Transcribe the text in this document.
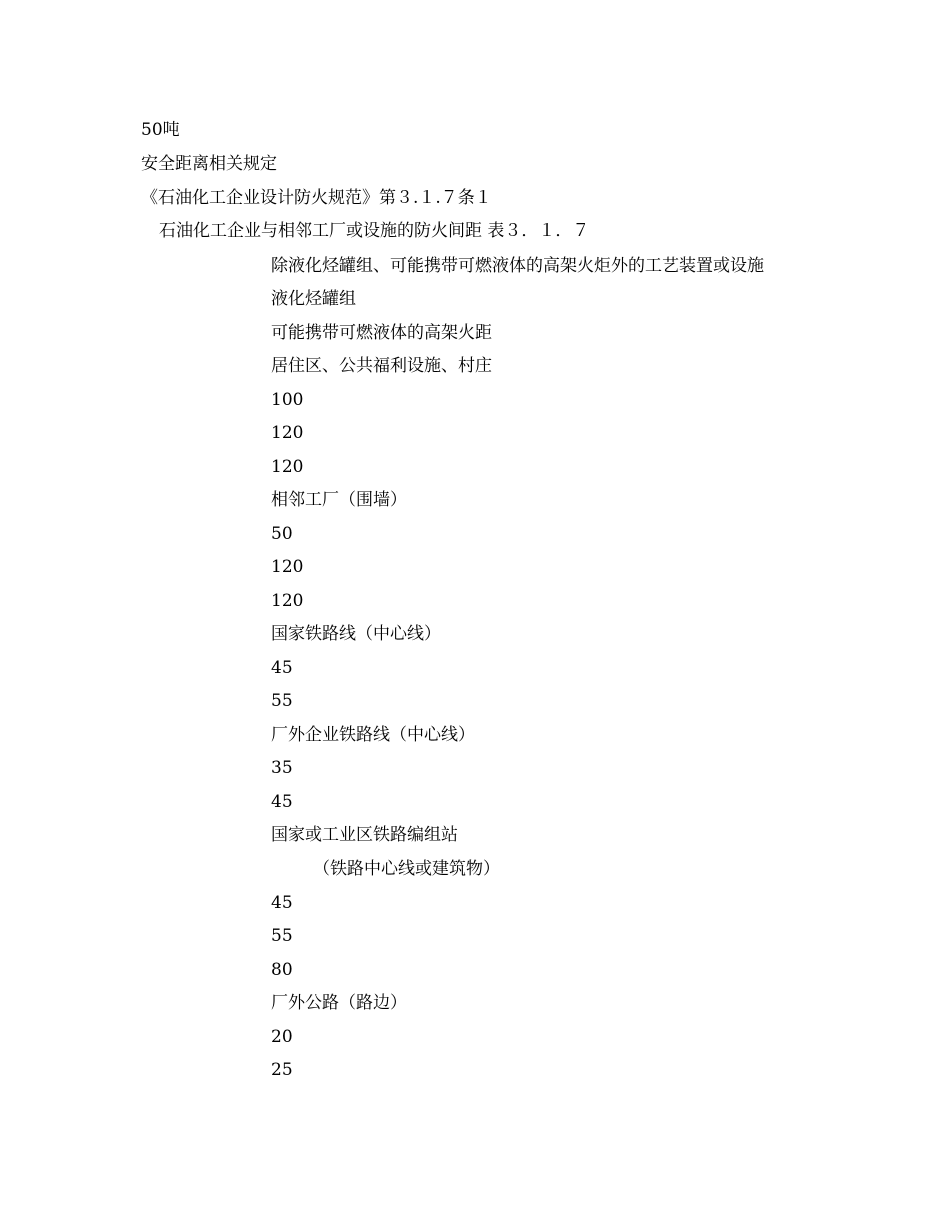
50吨
安全距离相关规定
《石油化工企业设计防火规范》第３.１.７条１
石油化工企业与相邻工厂或设施的防火间距 表３．１．７
除液化烃罐组、可能携带可燃液体的高架火炬外的工艺装置或设施
液化烃罐组
可能携带可燃液体的高架火距
居住区、公共福利设施、村庄
100
120
120
相邻工厂（围墙）
50
120
120
国家铁路线（中心线）
45
55
厂外企业铁路线（中心线）
35
45
国家或工业区铁路编组站
（铁路中心线或建筑物）
45
55
80
厂外公路（路边）
20
25
